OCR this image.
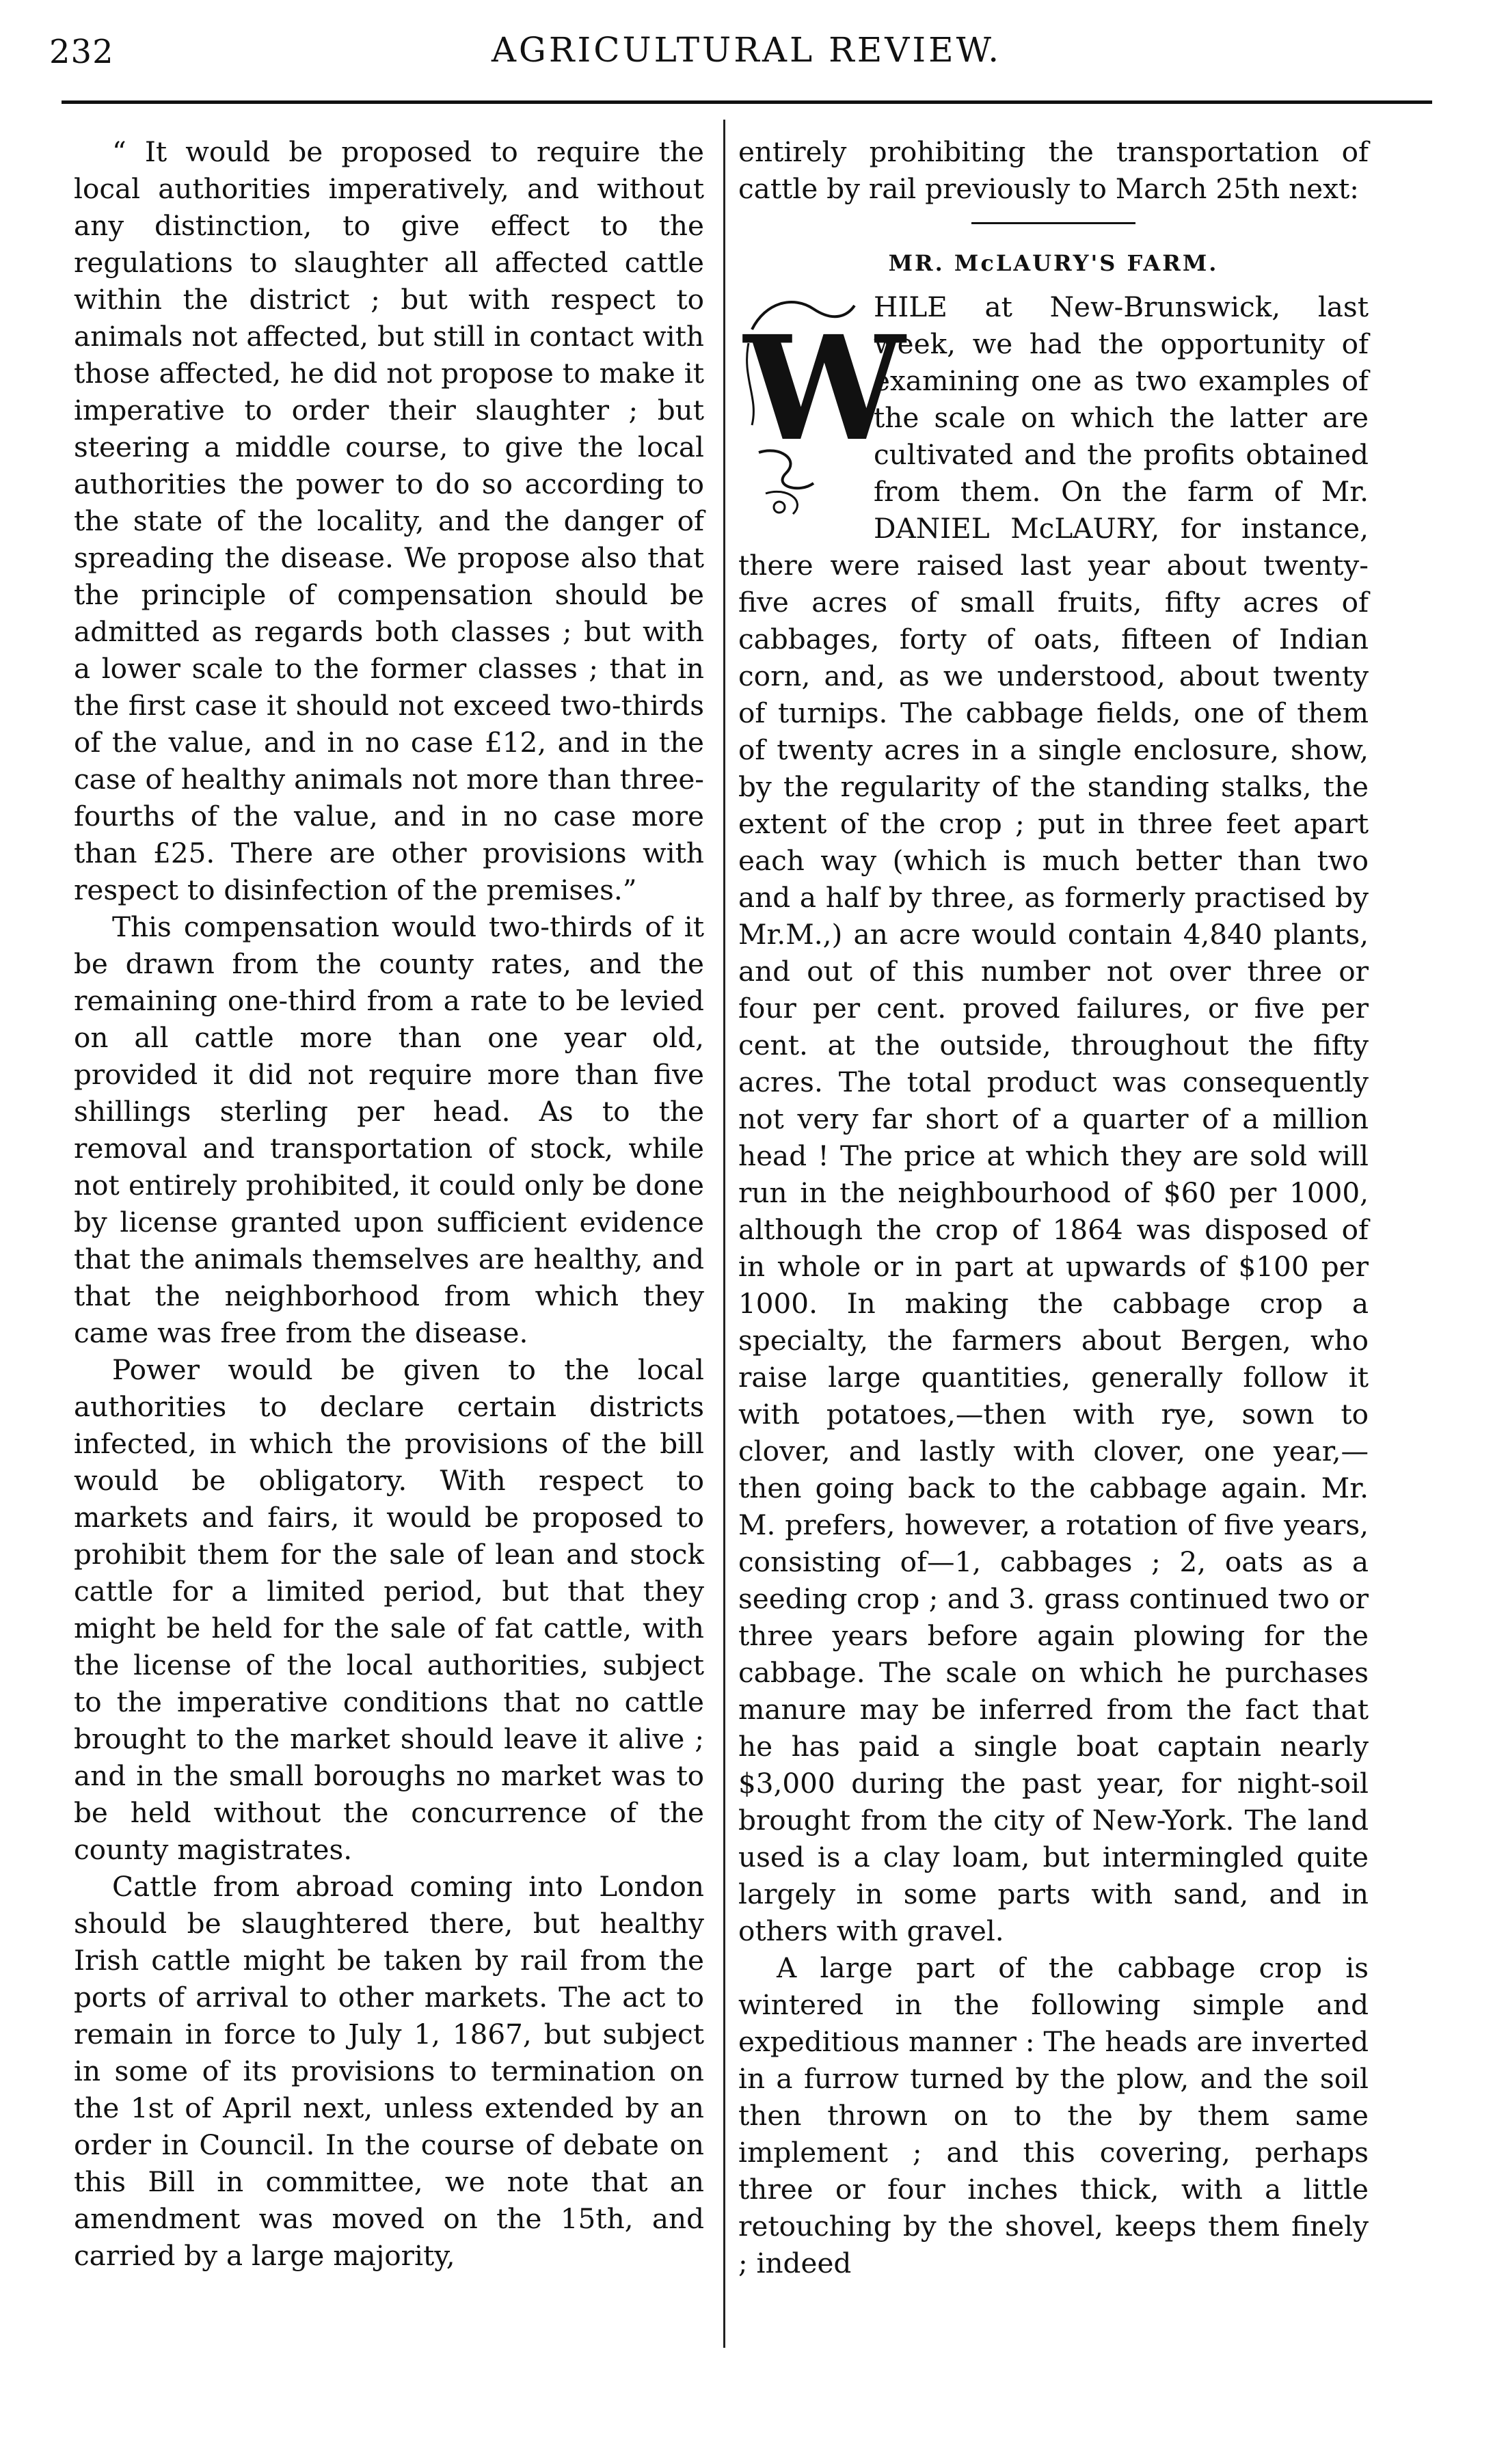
232	AGRICULTURAL REVIEW.

“ It would be proposed to require the local authorities imperatively, and without any distinction, to give effect to the regulations to slaughter all affected cattle within the district ; but with respect to animals not affected, but still in contact with those affected, he did not propose to make it imperative to order their slaughter ; but steering a middle course, to give the local authorities the power to do so according to the state of the locality, and the danger of spreading the disease. We propose also that the principle of compensation should be admitted as regards both classes ; but with a lower scale to the former classes ; that in the first case it should not exceed two-thirds of the value, and in no case £12, and in the case of healthy animals not more than three-fourths of the value, and in no case more than £25. There are other provisions with respect to disinfection of the premises.”

This compensation would two-thirds of it be drawn from the county rates, and the remaining one-third from a rate to be levied on all cattle more than one year old, provided it did not require more than five shillings sterling per head. As to the removal and transportation of stock, while not entirely prohibited, it could only be done by license granted upon sufficient evidence that the animals themselves are healthy, and that the neighborhood from which they came was free from the disease.

Power would be given to the local authorities to declare certain districts infected, in which the provisions of the bill would be obligatory. With respect to markets and fairs, it would be proposed to prohibit them for the sale of lean and stock cattle for a limited period, but that they might be held for the sale of fat cattle, with the license of the local authorities, subject to the imperative conditions that no cattle brought to the market should leave it alive ; and in the small boroughs no market was to be held without the concurrence of the county magistrates.

Cattle from abroad coming into London should be slaughtered there, but healthy Irish cattle might be taken by rail from the ports of arrival to other markets. The act to remain in force to July 1, 1867, but subject in some of its provisions to termination on the 1st of April next, unless extended by an order in Council. In the course of debate on this Bill in committee, we note that an amendment was moved on the 15th, and carried by a large majority,

entirely prohibiting the transportation of cattle by rail previously to March 25th next:

MR. McLAURY'S FARM.
W

HILE at New-Brunswick, last week, we had the opportunity of examining one as two examples of the scale on which the latter are cultivated and the profits obtained from them. On the farm of Mr. DANIEL McLAURY, for instance, there were raised last year about twenty-five acres of small fruits, fifty acres of cabbages, forty of oats, fifteen of Indian corn, and, as we understood, about twenty of turnips. The cabbage fields, one of them of twenty acres in a single enclosure, show, by the regularity of the standing stalks, the extent of the crop ; put in three feet apart each way (which is much better than two and a half by three, as formerly practised by Mr.M.,) an acre would contain 4,840 plants, and out of this number not over three or four per cent. proved failures, or five per cent. at the outside, throughout the fifty acres. The total product was consequently not very far short of a quarter of a million head ! The price at which they are sold will run in the neighbourhood of $60 per 1000, although the crop of 1864 was disposed of in whole or in part at upwards of $100 per 1000. In making the cabbage crop a specialty, the farmers about Bergen, who raise large quantities, generally follow it with potatoes,—then with rye, sown to clover, and lastly with clover, one year,— then going back to the cabbage again. Mr. M. prefers, however, a rotation of five years, consisting of—1, cabbages ; 2, oats as a seeding crop ; and 3. grass continued two or three years before again plowing for the cabbage. The scale on which he purchases manure may be inferred from the fact that he has paid a single boat captain nearly $3,000 during the past year, for night-soil brought from the city of New-York. The land used is a clay loam, but intermingled quite largely in some parts with sand, and in others with gravel.

A large part of the cabbage crop is wintered in the following simple and expeditious manner : The heads are inverted in a furrow turned by the plow, and the soil then thrown on to the by them same implement ; and this covering, perhaps three or four inches thick, with a little retouching by the shovel, keeps them finely ; indeed
